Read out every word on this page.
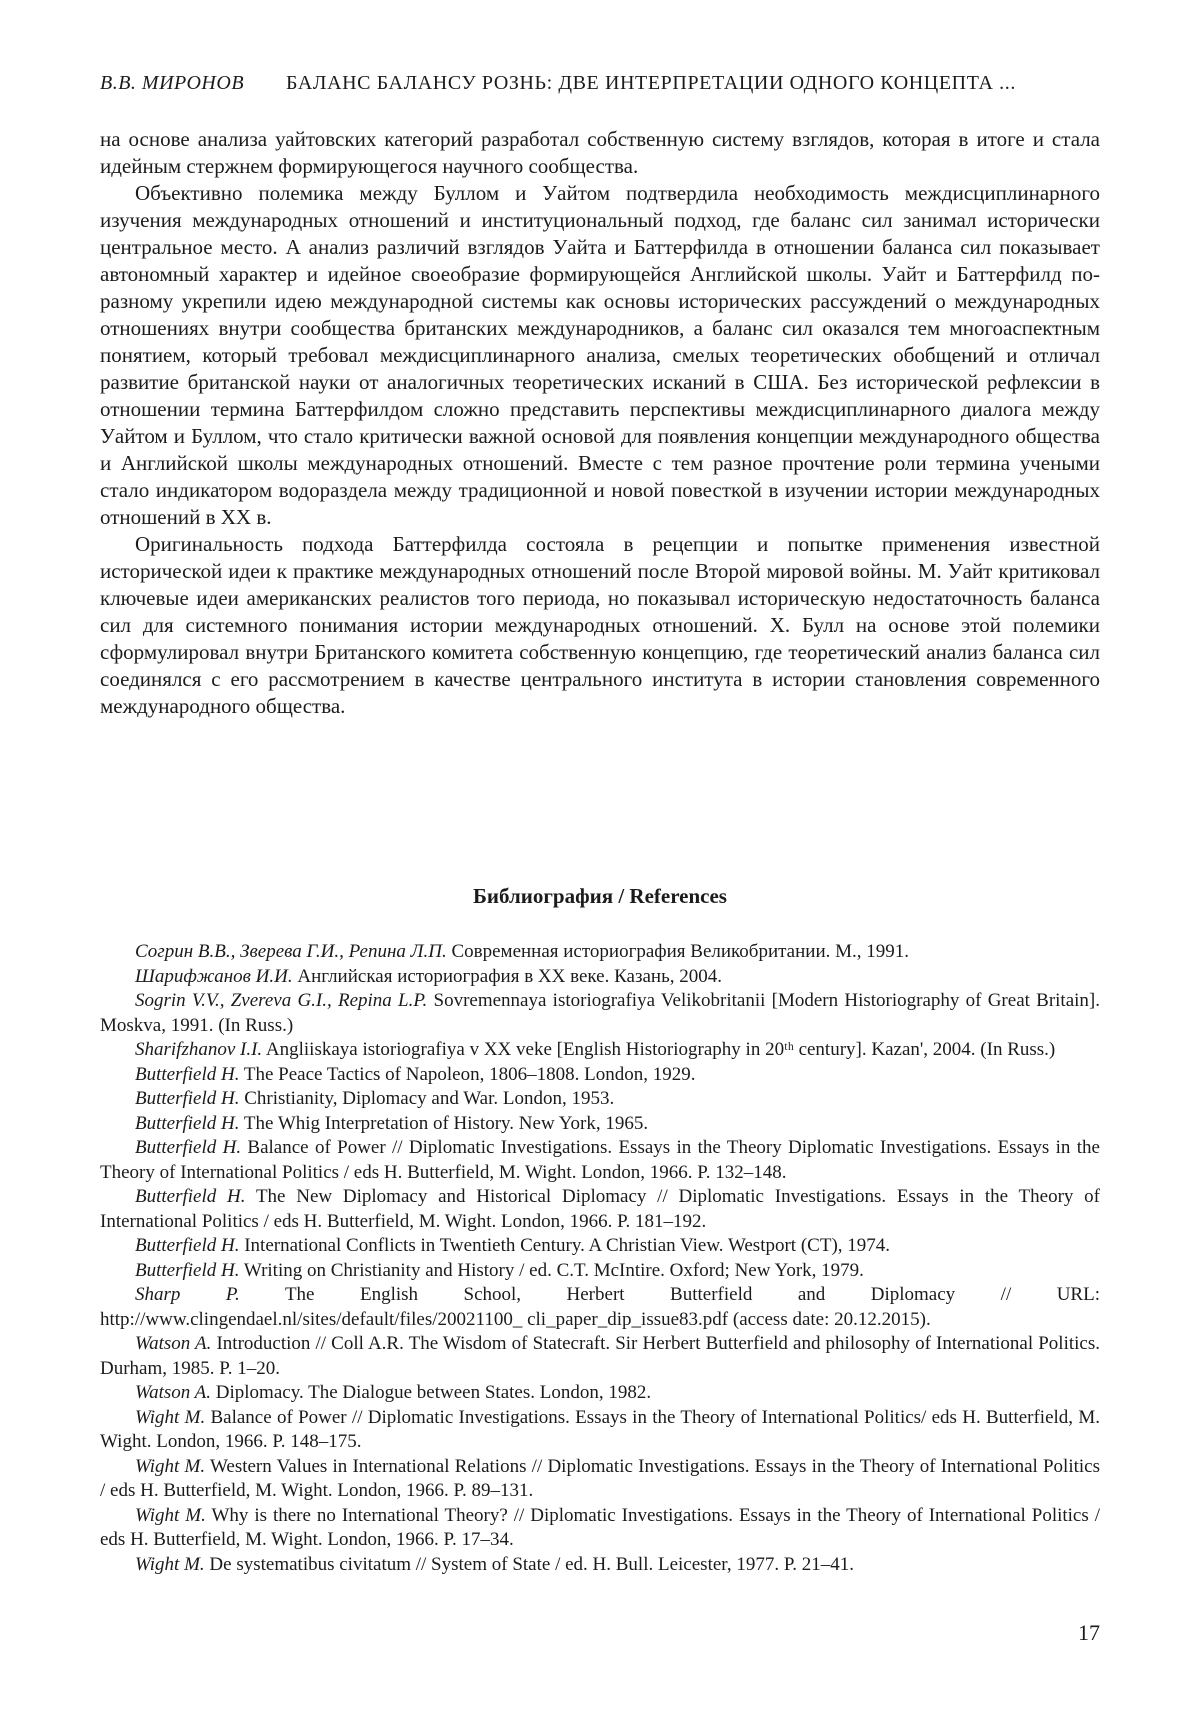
В.В. МИРОНОВ БАЛАНС БАЛАНСУ РОЗНЬ: ДВЕ ИНТЕРПРЕТАЦИИ ОДНОГО КОНЦЕПТА ...

на основе анализа уайтовских категорий разработал собственную систему взглядов, которая в итоге и стала идейным стержнем формирующегося научного сообщества.

Объективно полемика между Буллом и Уайтом подтвердила необходимость междисциплинарного изучения международных отношений и институциональный подход, где баланс сил занимал исторически центральное место. А анализ различий взглядов Уайта и Баттерфилда в отношении баланса сил показывает автономный характер и идейное своеобразие формирующейся Английской школы. Уайт и Баттерфилд по-разному укрепили идею международной системы как основы исторических рассуждений о международных отношениях внутри сообщества британских международников, а баланс сил оказался тем многоаспектным понятием, который требовал междисциплинарного анализа, смелых теоретических обобщений и отличал развитие британской науки от аналогичных теоретических исканий в США. Без исторической рефлексии в отношении термина Баттерфилдом сложно представить перспективы междисциплинарного диалога между Уайтом и Буллом, что стало критически важной основой для появления концепции международного общества и Английской школы международных отношений. Вместе с тем разное прочтение роли термина учеными стало индикатором водораздела между традиционной и новой повесткой в изучении истории международных отношений в XX в.

Оригинальность подхода Баттерфилда состояла в рецепции и попытке применения известной исторической идеи к практике международных отношений после Второй мировой войны. М. Уайт критиковал ключевые идеи американских реалистов того периода, но показывал историческую недостаточность баланса сил для системного понимания истории международных отношений. Х. Булл на основе этой полемики сформулировал внутри Британского комитета собственную концепцию, где теоретический анализ баланса сил соединялся с его рассмотрением в качестве центрального института в истории становления современного международного общества.

Библиография / References

Согрин В.В., Зверева Г.И., Репина Л.П. Современная историография Великобритании. М., 1991.

Шарифжанов И.И. Английская историография в XX веке. Казань, 2004.

Sogrin V.V., Zvereva G.I., Repina L.P. Sovremennaya istoriografiya Velikobritanii [Modern Historiography of Great Britain]. Moskva, 1991. (In Russ.)

Sharifzhanov I.I. Angliiskaya istoriografiya v XX veke [English Historiography in 20ᵗʰ century]. Kazan', 2004. (In Russ.)

Butterfield H. The Peace Tactics of Napoleon, 1806–1808. London, 1929.

Butterfield H. Christianity, Diplomacy and War. London, 1953.

Butterfield H. The Whig Interpretation of History. New York, 1965.

Butterfield H. Balance of Power // Diplomatic Investigations. Essays in the Theory Diplomatic Investigations. Essays in the Theory of International Politics / eds H. Butterfield, M. Wight. London, 1966. P. 132–148.

Butterfield H. The New Diplomacy and Historical Diplomacy // Diplomatic Investigations. Essays in the Theory of International Politics / eds H. Butterfield, M. Wight. London, 1966. P. 181–192.

Butterfield H. International Conflicts in Twentieth Century. A Christian View. Westport (CT), 1974.

Butterfield H. Writing on Christianity and History / ed. C.T. McIntire. Oxford; New York, 1979.

Sharp P. The English School, Herbert Butterfield and Diplomacy // URL: http://www.clingendael.nl/sites/default/files/20021100_ cli_paper_dip_issue83.pdf (access date: 20.12.2015).

Watson A. Introduction // Coll A.R. The Wisdom of Statecraft. Sir Herbert Butterfield and philosophy of International Politics. Durham, 1985. P. 1–20.

Watson A. Diplomacy. The Dialogue between States. London, 1982.

Wight M. Balance of Power // Diplomatic Investigations. Essays in the Theory of International Politics/ eds H. Butterfield, M. Wight. London, 1966. P. 148–175.

Wight M. Western Values in International Relations // Diplomatic Investigations. Essays in the Theory of International Politics / eds H. Butterfield, M. Wight. London, 1966. P. 89–131.

Wight M. Why is there no International Theory? // Diplomatic Investigations. Essays in the Theory of International Politics / eds H. Butterfield, M. Wight. London, 1966. P. 17–34.

Wight M. De systematibus civitatum // System of State / ed. H. Bull. Leicester, 1977. P. 21–41.

17
